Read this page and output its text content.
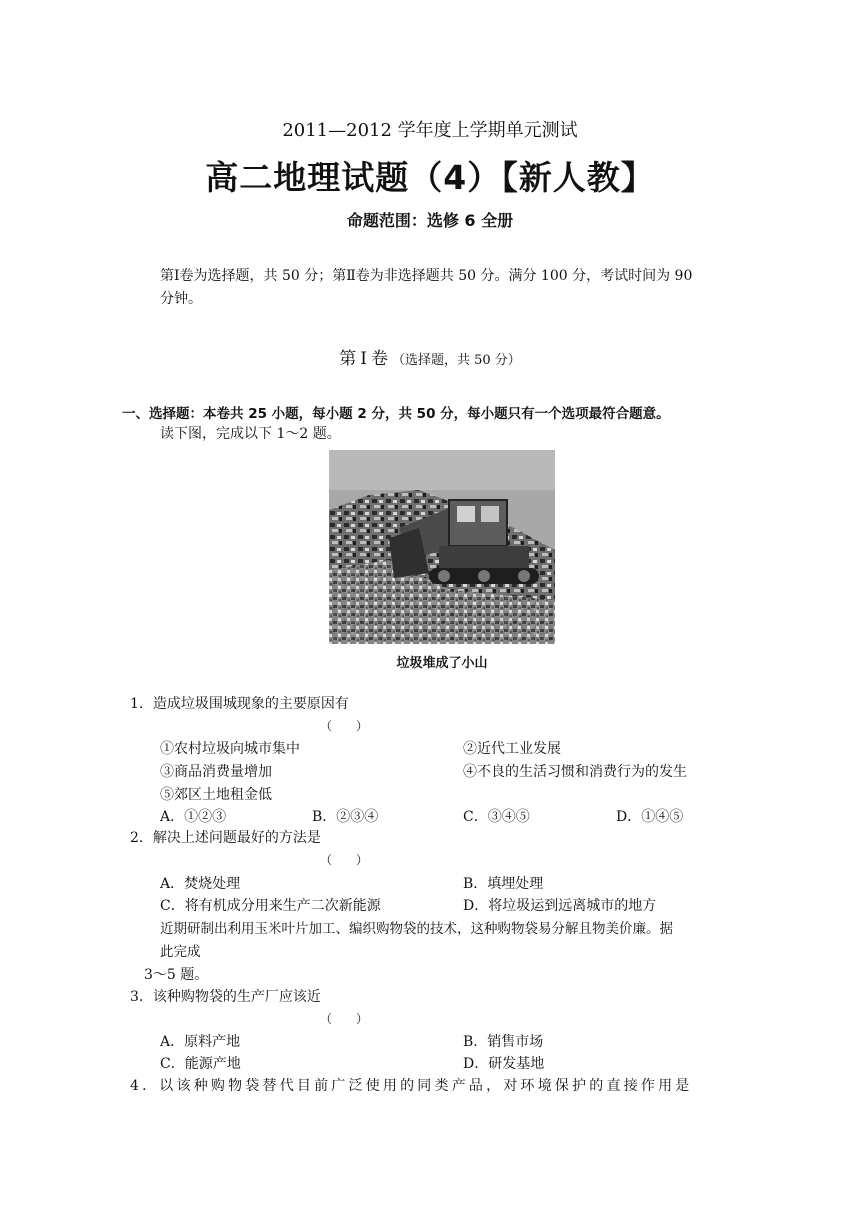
2011—2012 学年度上学期单元测试
高二地理试题（4）【新人教】
命题范围：选修 6 全册
第Ⅰ卷为选择题，共 50 分；第Ⅱ卷为非选择题共 50 分。满分 100 分，考试时间为 90
分钟。
第Ⅰ卷（选择题，共 50 分）
一、选择题：本卷共 25 小题，每小题 2 分，共 50 分，每小题只有一个选项最符合题意。
读下图，完成以下 1～2 题。
垃圾堆成了小山
1．造成垃圾围城现象的主要原因有
（　　）
①农村垃圾向城市集中	②近代工业发展
③商品消费量增加	④不良的生活习惯和消费行为的发生
⑤郊区土地租金低
A．①②③	B．②③④	C．③④⑤	D．①④⑤
2．解决上述问题最好的方法是
（　　）
A．焚烧处理	B．填埋处理
C．将有机成分用来生产二次新能源	D．将垃圾运到远离城市的地方
近期研制出利用玉米叶片加工、编织购物袋的技术，这种购物袋易分解且物美价廉。据
此完成
3～5 题。
3．该种购物袋的生产厂应该近
（　　）
A．原料产地	B．销售市场
C．能源产地	D．研发基地
4．以该种购物袋替代目前广泛使用的同类产品，对环境保护的直接作用是
